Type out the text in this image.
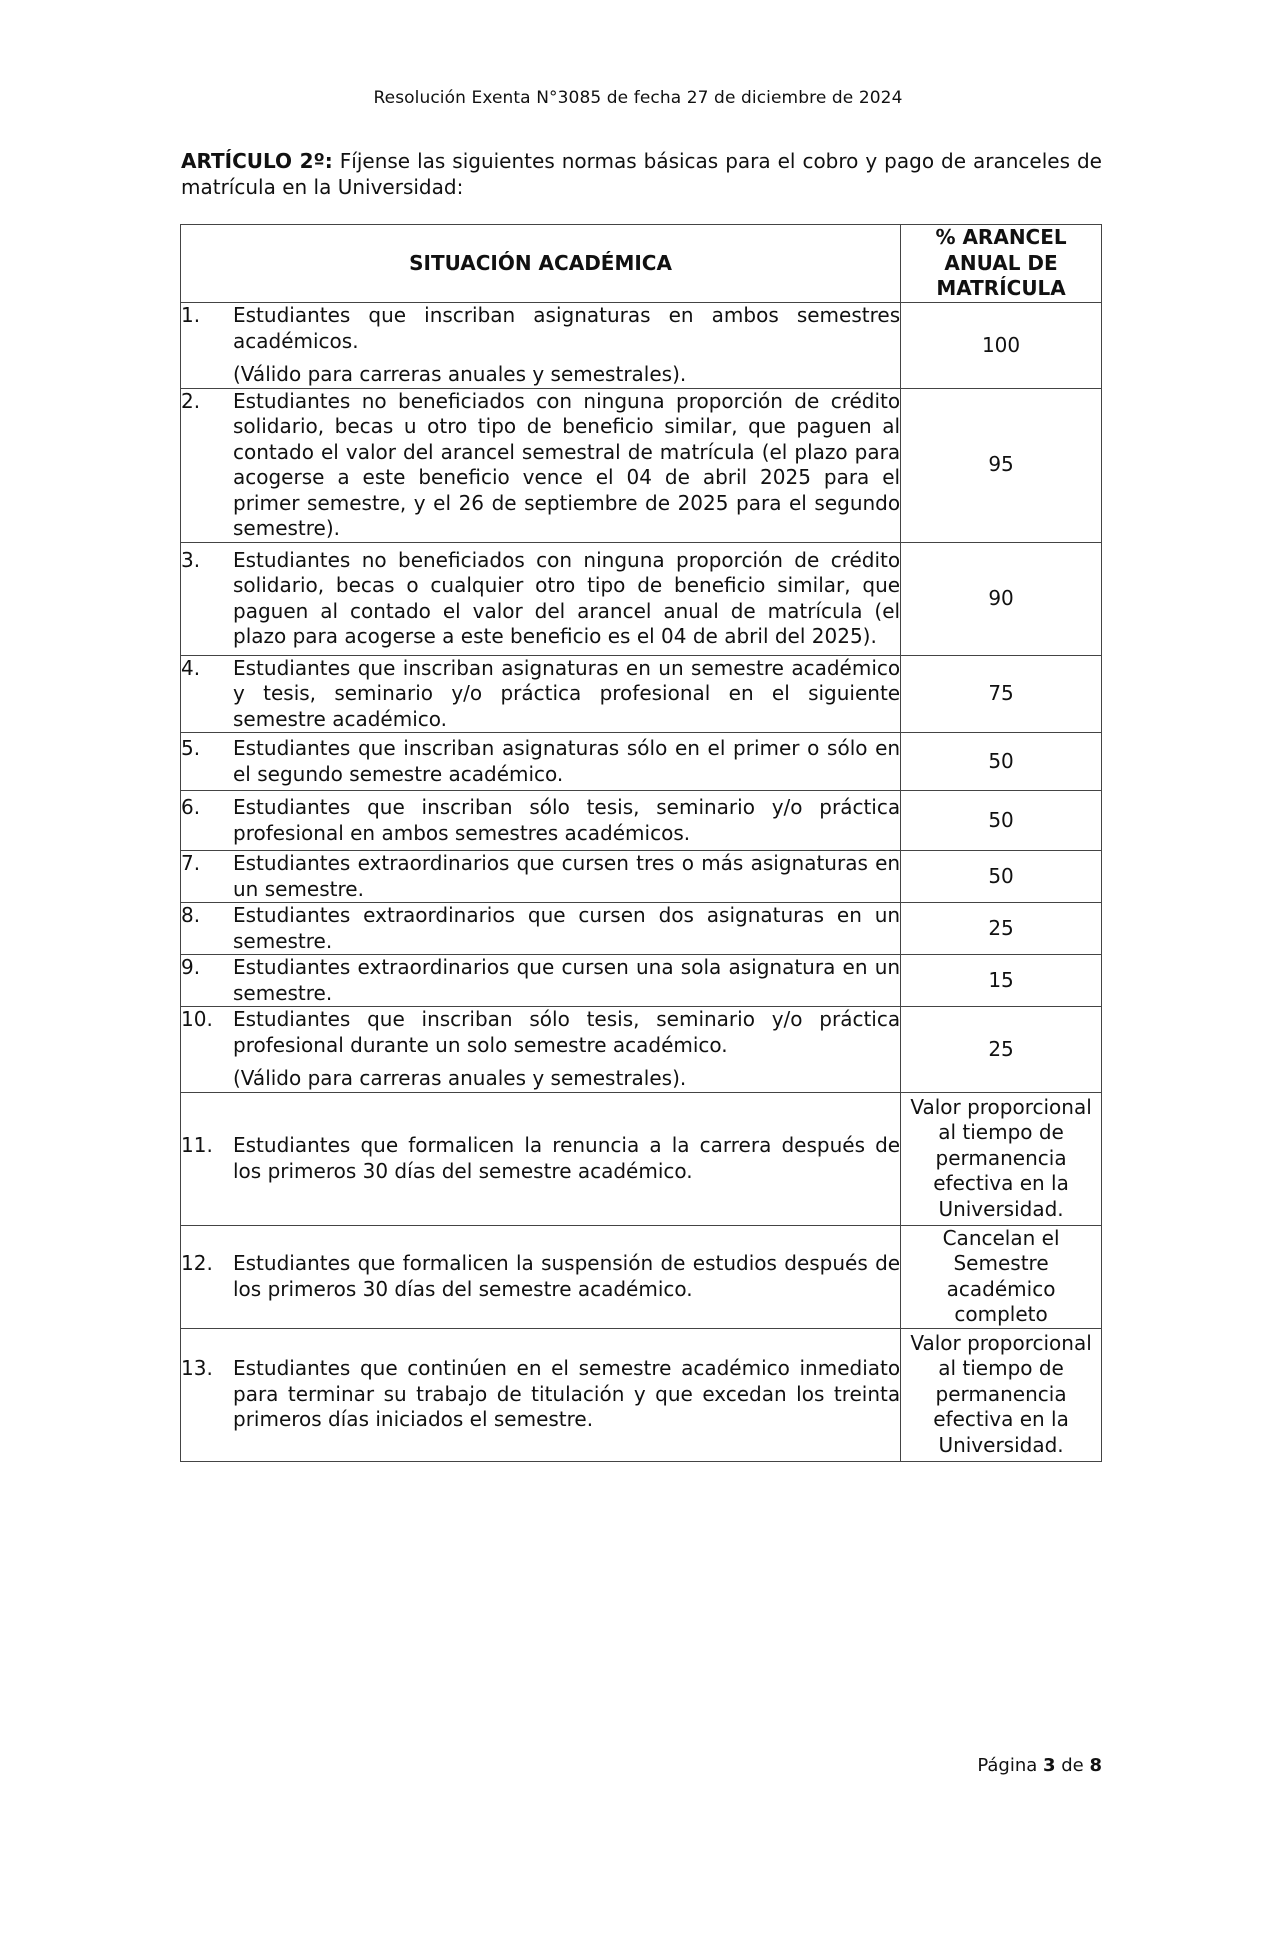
Resolución Exenta N°3085 de fecha 27 de diciembre de 2024
ARTÍCULO 2º: Fíjense las siguientes normas básicas para el cobro y pago de aranceles de matrícula en la Universidad:
SITUACIÓN ACADÉMICA	% ARANCEL ANUAL DE MATRÍCULA

1. Estudiantes que inscriban asignaturas en ambos semestres académicos.
(Válido para carreras anuales y semestrales).	100

2. Estudiantes no beneficiados con ninguna proporción de crédito solidario, becas u otro tipo de beneficio similar, que paguen al contado el valor del arancel semestral de matrícula (el plazo para acogerse a este beneficio vence el 04 de abril 2025 para el primer semestre, y el 26 de septiembre de 2025 para el segundo semestre).	95

3. Estudiantes no beneficiados con ninguna proporción de crédito solidario, becas o cualquier otro tipo de beneficio similar, que paguen al contado el valor del arancel anual de matrícula (el plazo para acogerse a este beneficio es el 04 de abril del 2025).	90

4. Estudiantes que inscriban asignaturas en un semestre académico y tesis, seminario y/o práctica profesional en el siguiente semestre académico.	75

5. Estudiantes que inscriban asignaturas sólo en el primer o sólo en el segundo semestre académico.	50

6. Estudiantes que inscriban sólo tesis, seminario y/o práctica profesional en ambos semestres académicos.	50

7. Estudiantes extraordinarios que cursen tres o más asignaturas en un semestre.	50

8. Estudiantes extraordinarios que cursen dos asignaturas en un semestre.	25

9. Estudiantes extraordinarios que cursen una sola asignatura en un semestre.	15

10. Estudiantes que inscriban sólo tesis, seminario y/o práctica profesional durante un solo semestre académico.
(Válido para carreras anuales y semestrales).	25

11. Estudiantes que formalicen la renuncia a la carrera después de los primeros 30 días del semestre académico.	Valor proporcional al tiempo de permanencia efectiva en la Universidad.

12. Estudiantes que formalicen la suspensión de estudios después de los primeros 30 días del semestre académico.	Cancelan el Semestre académico completo

13. Estudiantes que continúen en el semestre académico inmediato para terminar su trabajo de titulación y que excedan los treinta primeros días iniciados el semestre.	Valor proporcional al tiempo de permanencia efectiva en la Universidad.
Página 3 de 8
